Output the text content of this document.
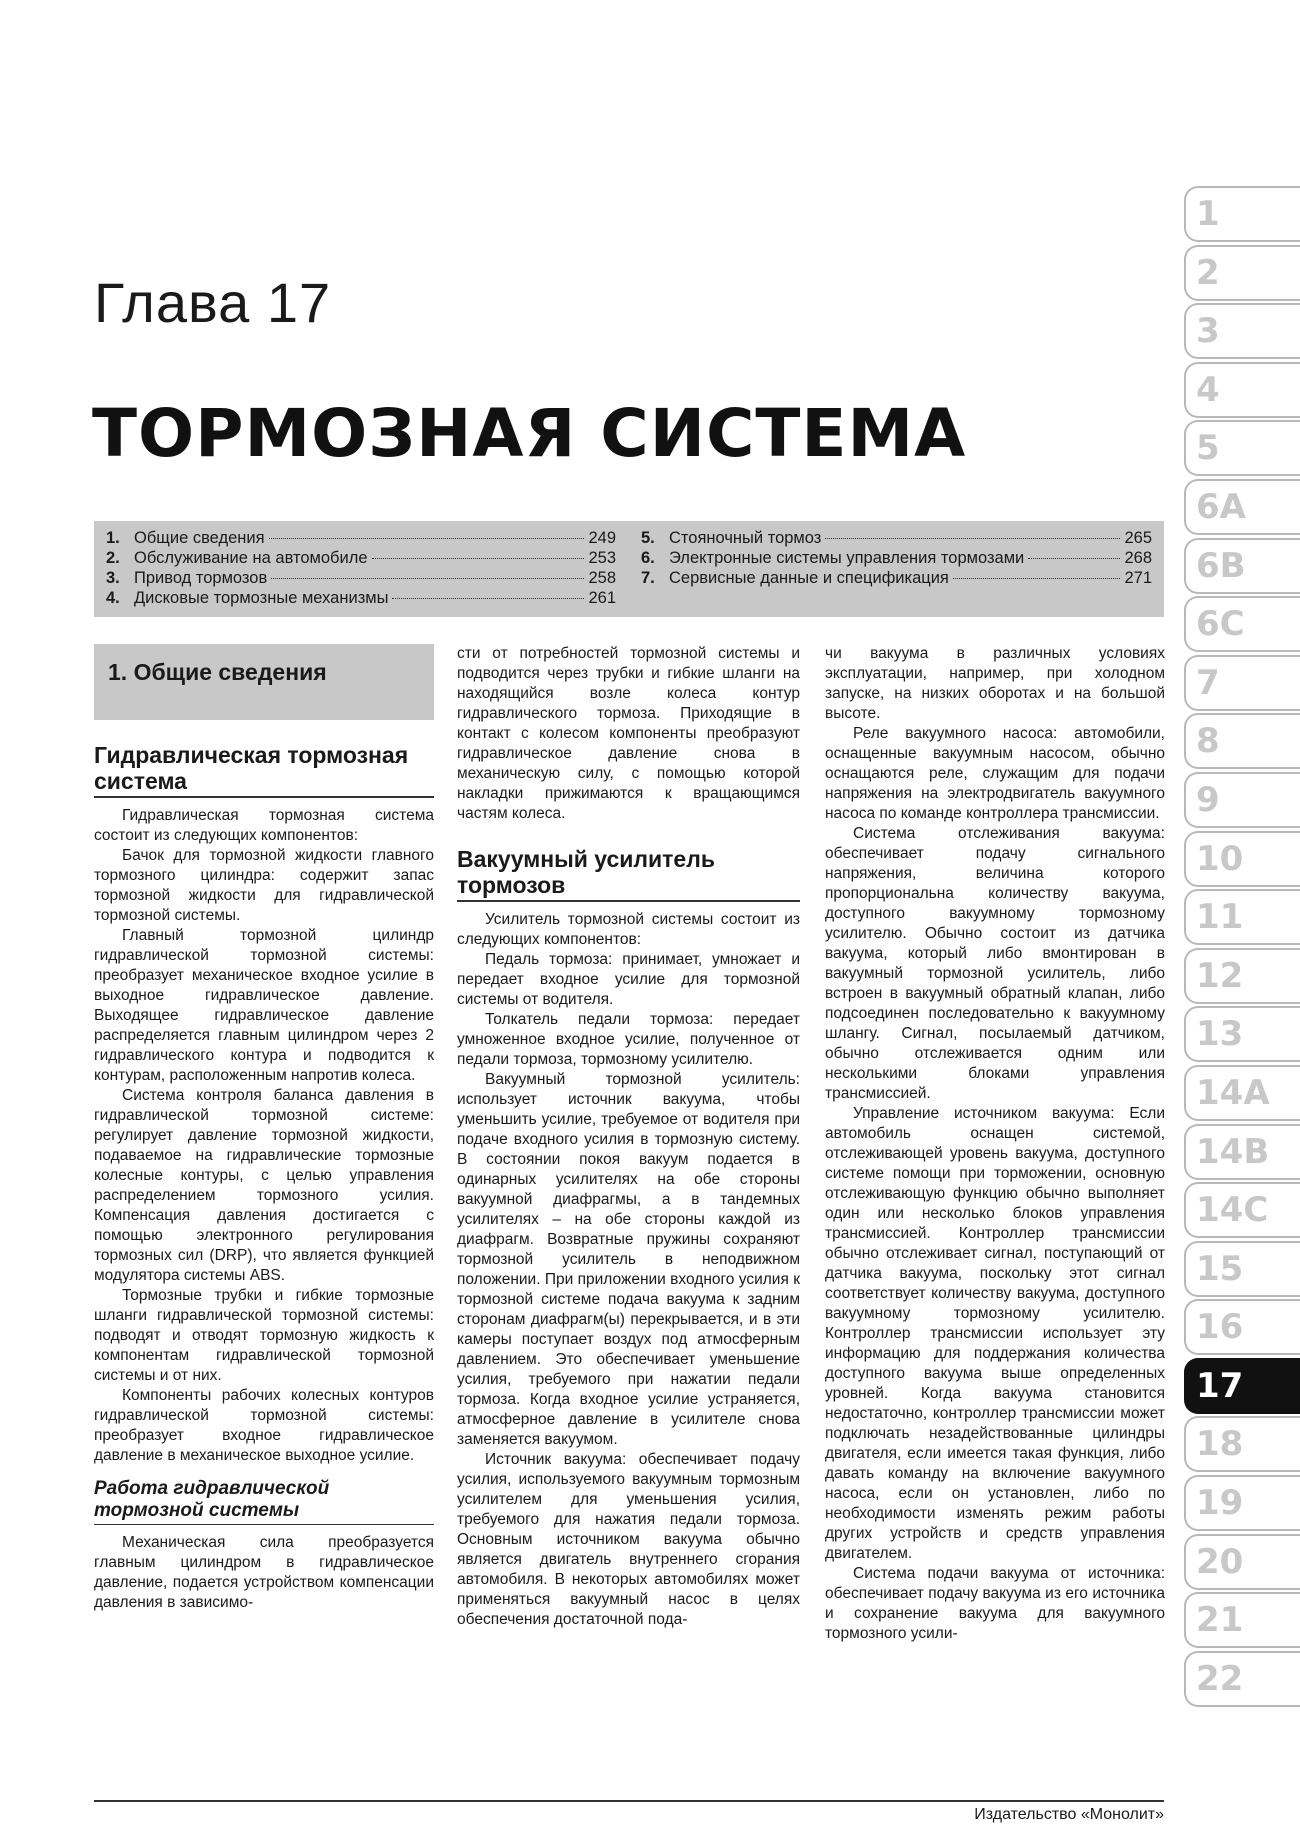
Глава 17
ТОРМОЗНАЯ СИСТЕМА
1. Общие сведения	249
2. Обслуживание на автомобиле	253
3. Привод тормозов	258
4. Дисковые тормозные механизмы	261
5. Стояночный тормоз	265
6. Электронные системы управления тормозами	268
7. Сервисные данные и спецификация	271
1. Общие сведения
Гидравлическая тормозная система

Гидравлическая тормозная система состоит из следующих компонентов:

Бачок для тормозной жидкости главного тормозного цилиндра: содержит запас тормозной жидкости для гидравлической тормозной системы.

Главный тормозной цилиндр гидравлической тормозной системы: преобразует механическое входное усилие в выходное гидравлическое давление. Выходящее гидравлическое давление распределяется главным цилиндром через 2 гидравлического контура и подводится к контурам, расположенным напротив колеса.

Система контроля баланса давления в гидравлической тормозной системе: регулирует давление тормозной жидкости, подаваемое на гидравлические тормозные колесные контуры, с целью управления распределением тормозного усилия. Компенсация давления достигается с помощью электронного регулирования тормозных сил (DRP), что является функцией модулятора системы ABS.

Тормозные трубки и гибкие тормозные шланги гидравлической тормозной системы: подводят и отводят тормозную жидкость к компонентам гидравлической тормозной системы и от них.

Компоненты рабочих колесных контуров гидравлической тормозной системы: преобразует входное гидравлическое давление в механическое выходное усилие.

Работа гидравлической тормозной системы

Механическая сила преобразуется главным цилиндром в гидравлическое давление, подается устройством компенсации давления в зависимо-

сти от потребностей тормозной системы и подводится через трубки и гибкие шланги на находящийся возле колеса контур гидравлического тормоза. Приходящие в контакт с колесом компоненты преобразуют гидравлическое давление снова в механическую силу, с помощью которой накладки прижимаются к вращающимся частям колеса.

Вакуумный усилитель тормозов

Усилитель тормозной системы состоит из следующих компонентов:

Педаль тормоза: принимает, умножает и передает входное усилие для тормозной системы от водителя.

Толкатель педали тормоза: передает умноженное входное усилие, полученное от педали тормоза, тормозному усилителю.

Вакуумный тормозной усилитель: использует источник вакуума, чтобы уменьшить усилие, требуемое от водителя при подаче входного усилия в тормозную систему. В состоянии покоя вакуум подается в одинарных усилителях на обе стороны вакуумной диафрагмы, а в тандемных усилителях – на обе стороны каждой из диафрагм. Возвратные пружины сохраняют тормозной усилитель в неподвижном положении. При приложении входного усилия к тормозной системе подача вакуума к задним сторонам диафрагм(ы) перекрывается, и в эти камеры поступает воздух под атмосферным давлением. Это обеспечивает уменьшение усилия, требуемого при нажатии педали тормоза. Когда входное усилие устраняется, атмосферное давление в усилителе снова заменяется вакуумом.

Источник вакуума: обеспечивает подачу усилия, используемого вакуумным тормозным усилителем для уменьшения усилия, требуемого для нажатия педали тормоза. Основным источником вакуума обычно является двигатель внутреннего сгорания автомобиля. В некоторых автомобилях может применяться вакуумный насос в целях обеспечения достаточной пода-

чи вакуума в различных условиях эксплуатации, например, при холодном запуске, на низких оборотах и на большой высоте.

Реле вакуумного насоса: автомобили, оснащенные вакуумным насосом, обычно оснащаются реле, служащим для подачи напряжения на электродвигатель вакуумного насоса по команде контроллера трансмиссии.

Система отслеживания вакуума: обеспечивает подачу сигнального напряжения, величина которого пропорциональна количеству вакуума, доступного вакуумному тормозному усилителю. Обычно состоит из датчика вакуума, который либо вмонтирован в вакуумный тормозной усилитель, либо встроен в вакуумный обратный клапан, либо подсоединен последовательно к вакуумному шлангу. Сигнал, посылаемый датчиком, обычно отслеживается одним или несколькими блоками управления трансмиссией.

Управление источником вакуума: Если автомобиль оснащен системой, отслеживающей уровень вакуума, доступного системе помощи при торможении, основную отслеживающую функцию обычно выполняет один или несколько блоков управления трансмиссией. Контроллер трансмиссии обычно отслеживает сигнал, поступающий от датчика вакуума, поскольку этот сигнал соответствует количеству вакуума, доступного вакуумному тормозному усилителю. Контроллер трансмиссии использует эту информацию для поддержания количества доступного вакуума выше определенных уровней. Когда вакуума становится недостаточно, контроллер трансмиссии может подключать незадействованные цилиндры двигателя, если имеется такая функция, либо давать команду на включение вакуумного насоса, если он установлен, либо по необходимости изменять режим работы других устройств и средств управления двигателем.

Система подачи вакуума от источника: обеспечивает подачу вакуума из его источника и сохранение вакуума для вакуумного тормозного усили-

1
2
3
4
5
6A
6B
6C
7
8
9
10
11
12
13
14A
14B
14C
15
16
17
18
19
20
21
22
Издательство «Монолит»
